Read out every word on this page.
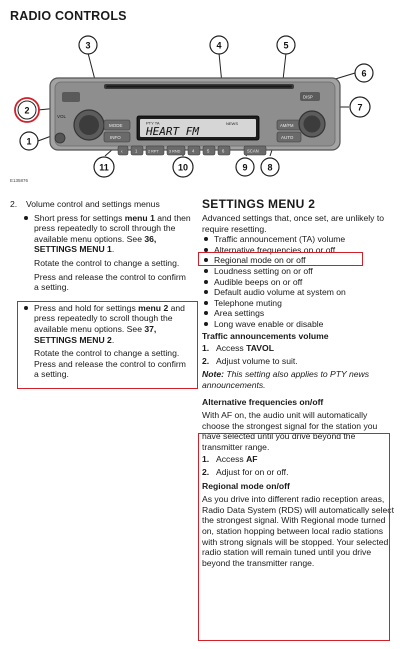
RADIO CONTROLS
VOL
MODE
INFO
PTY TA	NEWS
HEART FM	AM/FM
AUTO
DISP
‹	1	2 RPT	3 RND	4	5	6	SCAN
3	4	5
6
7
2
1
11	10	9 8
E135876
2. Volume control and settings menus

Short press for settings menu 1 and then press repeatedly to scroll through the available menu options. See 36, SETTINGS MENU 1.

Rotate the control to change a setting.

Press and release the control to confirm a setting.

Press and hold for settings menu 2 and press repeatedly to scroll though the available menu options. See 37, SETTINGS MENU 2.

Rotate the control to change a setting. Press and release the control to confirm a setting.

SETTINGS MENU 2

Advanced settings that, once set, are unlikely to require resetting.

Traffic announcement (TA) volume
Alternative frequencies on or off
Regional mode on or off
Loudness setting on or off
Audible beeps on or off
Default audio volume at system on
Telephone muting
Area settings
Long wave enable or disable
Traffic announcements volume
1. Access TAVOL
2. Adjust volume to suit.

Note: This setting also applies to PTY news announcements.

Alternative frequencies on/off

With AF on, the audio unit will automatically choose the strongest signal for the station you have selected until you drive beyond the transmitter range.

1. Access AF
2. Adjust for on or off.
Regional mode on/off

As you drive into different radio reception areas, Radio Data System (RDS) will automatically select the strongest signal. With Regional mode turned on, station hopping between local radio stations with strong signals will be stopped. Your selected radio station will remain tuned until you drive beyond the transmitter range.
